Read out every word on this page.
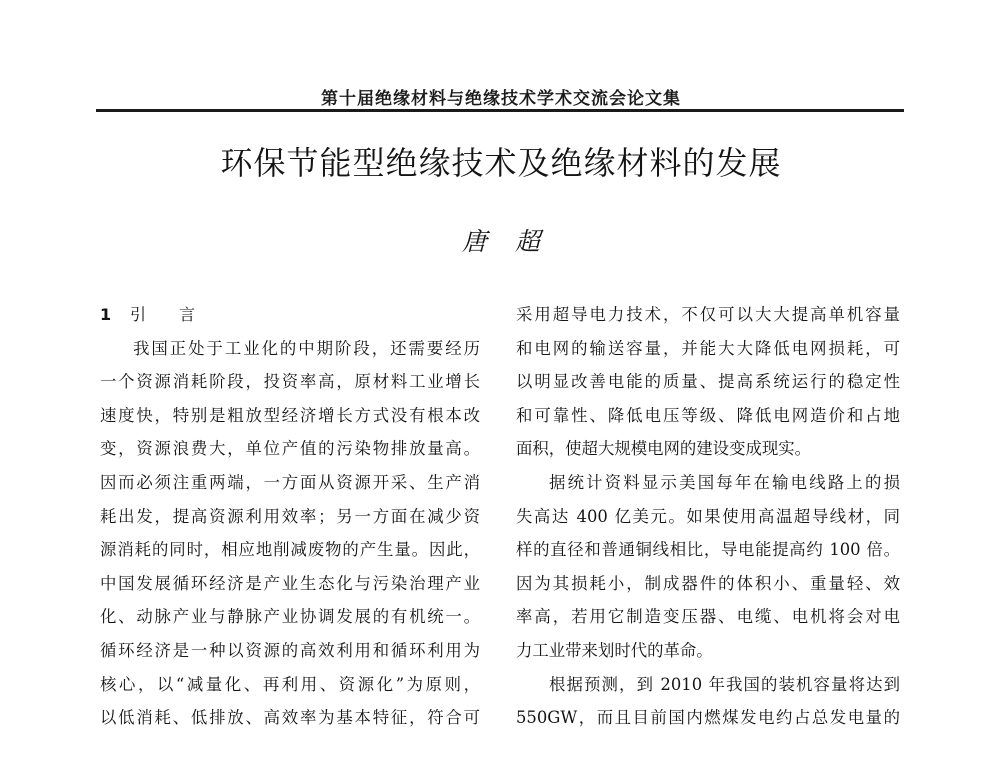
第十届绝缘材料与绝缘技术学术交流会论文集
环保节能型绝缘技术及绝缘材料的发展
唐 超
1 引 言
我国正处于工业化的中期阶段，还需要经历
一个资源消耗阶段，投资率高，原材料工业增长
速度快，特别是粗放型经济增长方式没有根本改
变，资源浪费大，单位产值的污染物排放量高。
因而必须注重两端，一方面从资源开采、生产消
耗出发，提高资源利用效率；另一方面在减少资
源消耗的同时，相应地削减废物的产生量。因此，
中国发展循环经济是产业生态化与污染治理产业
化、动脉产业与静脉产业协调发展的有机统一。
循环经济是一种以资源的高效利用和循环利用为
核心，以“减量化、再利用、资源化”为原则，
以低消耗、低排放、高效率为基本特征，符合可
采用超导电力技术，不仅可以大大提高单机容量
和电网的输送容量，并能大大降低电网损耗，可
以明显改善电能的质量、提高系统运行的稳定性
和可靠性、降低电压等级、降低电网造价和占地
面积，使超大规模电网的建设变成现实。
据统计资料显示美国每年在输电线路上的损
失高达 400 亿美元。如果使用高温超导线材，同
样的直径和普通铜线相比，导电能提高约 100 倍。
因为其损耗小，制成器件的体积小、重量轻、效
率高，若用它制造变压器、电缆、电机将会对电
力工业带来划时代的革命。
根据预测，到 2010 年我国的装机容量将达到
550GW，而且目前国内燃煤发电约占总发电量的
